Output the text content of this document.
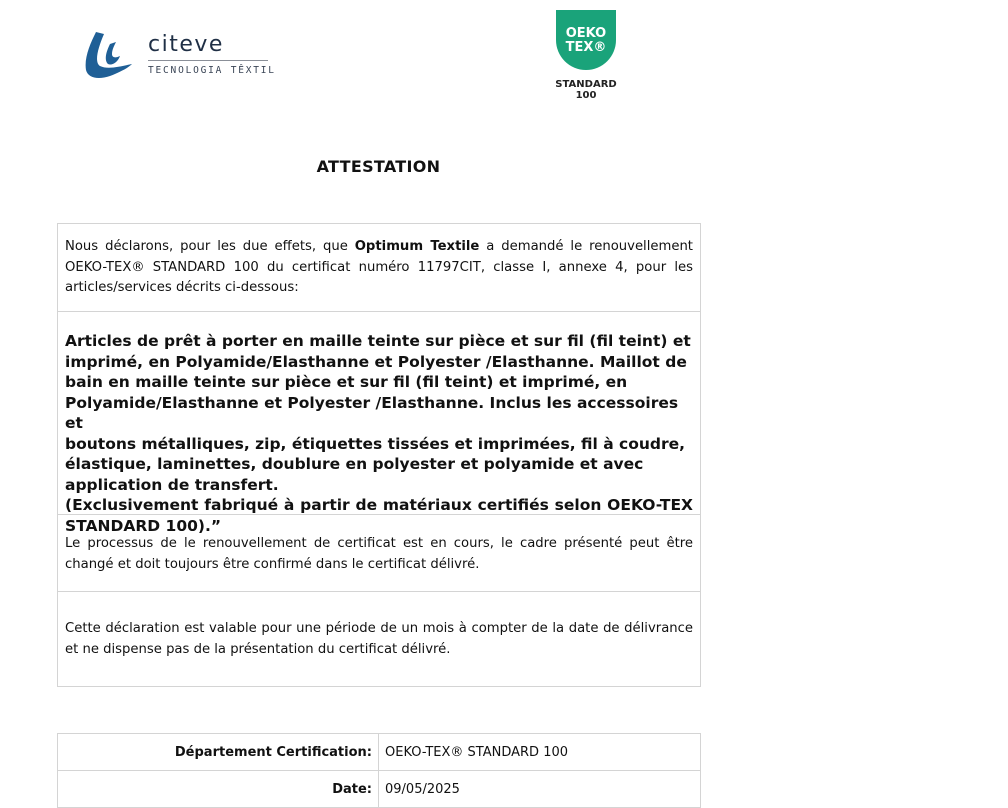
citeve
TECNOLOGIA TÊXTIL
OEKO
TEX®
STANDARD
100
ATTESTATION

Nous déclarons, pour les due effets, que Optimum Textile a demandé le renouvellement OEKO-TEX® STANDARD 100 du certificat numéro 11797CIT, classe I, annexe 4, pour les articles/services décrits ci-dessous:

Articles de prêt à porter en maille teinte sur pièce et sur fil (fil teint) et
imprimé, en Polyamide/Elasthanne et Polyester /Elasthanne. Maillot de
bain en maille teinte sur pièce et sur fil (fil teint) et imprimé, en
Polyamide/Elasthanne et Polyester /Elasthanne. Inclus les accessoires et
boutons métalliques, zip, étiquettes tissées et imprimées, fil à coudre,
élastique, laminettes, doublure en polyester et polyamide et avec
application de transfert.
(Exclusivement fabriqué à partir de matériaux certifiés selon OEKO-TEX
STANDARD 100).”

Le processus de le renouvellement de certificat est en cours, le cadre présenté peut être changé et doit toujours être confirmé dans le certificat délivré.

Cette déclaration est valable pour une période de un mois à compter de la date de délivrance et ne dispense pas de la présentation du certificat délivré.

Département Certification:	OEKO-TEX® STANDARD 100
Date:	09/05/2025
